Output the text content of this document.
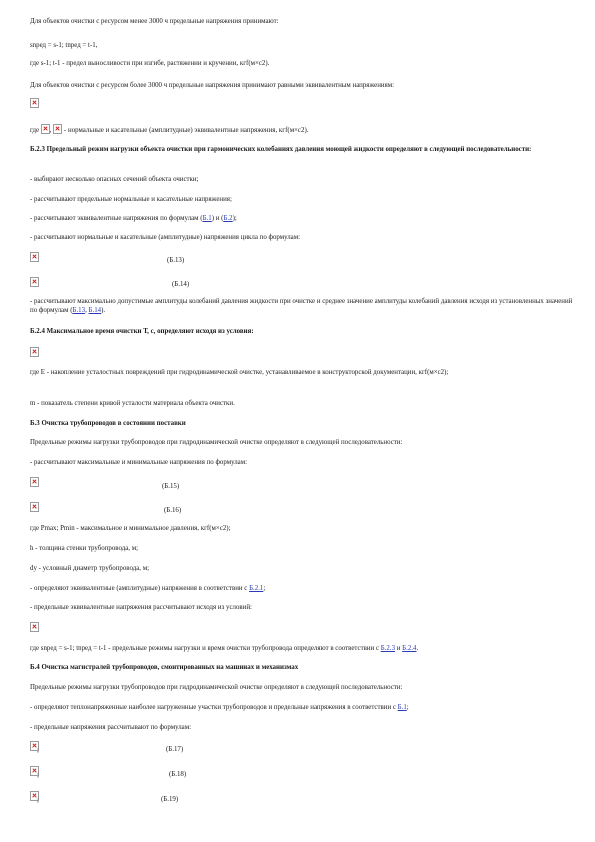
Для объектов очистки с ресурсом менее 3000 ч предельные напряжения принимают:
snред = s-1; tnред = t-1,
где s-1; t-1 - предел выносливости при изгибе, растяжении и кручении, кгf(м×с2).
Для объектов очистки с ресурсом более 3000 ч предельные напряжения принимают равными эквивалентным напряжениям:
где , - нормальные и касательные (амплитудные) эквивалентные напряжения, кгf(м×с2).
Б.2.3 Предельный режим нагрузки объекта очистки при гармонических колебаниях давления моющей жидкости определяют в следующей последовательности:
- выбирают несколько опасных сечений объекта очистки;
- рассчитывают предельные нормальные и касательные напряжения;
- рассчитывают эквивалентные напряжения по формулам (Б.1) и (Б.2);
- рассчитывают нормальные и касательные (амплитудные) напряжения цикла по формулам:
(Б.13)
(Б.14)
- рассчитывают максимально допустимые амплитуды колебаний давления жидкости при очистке и среднее значение амплитуды колебаний давления исходя из установленных значений по формулам (Б.13, Б.14).
Б.2.4 Максимальное время очистки Т, с, определяют исходя из условия:
где E - накопление усталостных повреждений при гидродинамической очистке, устанавливаемое в конструкторской документации, кгf(м×с2);
m - показатель степени кривой усталости материала объекта очистки.
Б.3 Очистка трубопроводов в состоянии поставки
Предельные режимы нагрузки трубопроводов при гидродинамической очистке определяют в следующей последовательности:
- рассчитывают максимальные и минимальные напряжения по формулам:
(Б.15)
(Б.16)
где Pmax; Pmin - максимальное и минимальное давления, кгf(м×с2);
h - толщина стенки трубопровода, м;
dy - условный диаметр трубопровода, м;
- определяют эквивалентные (амплитудные) напряжения в соответствии с Б.2.1;
- предельные эквивалентные напряжения рассчитывают исходя из условий:
где snред = s-1; tnред = t-1 - предельные режимы нагрузки и время очистки трубопровода определяют в соответствии с Б.2.3 и Б.2.4.
Б.4 Очистка магистралей трубопроводов, смонтированных на машинах и механизмах
Предельные режимы нагрузки трубопроводов при гидродинамической очистке определяют в следующей последовательности:
- определяют теплонапряженные наиболее нагруженные участки трубопроводов и предельные напряжения в соответствии с Б.1;
- предельные напряжения рассчитывают по формулам:
;	(Б.17)
;	(Б.18)
;	(Б.19)
